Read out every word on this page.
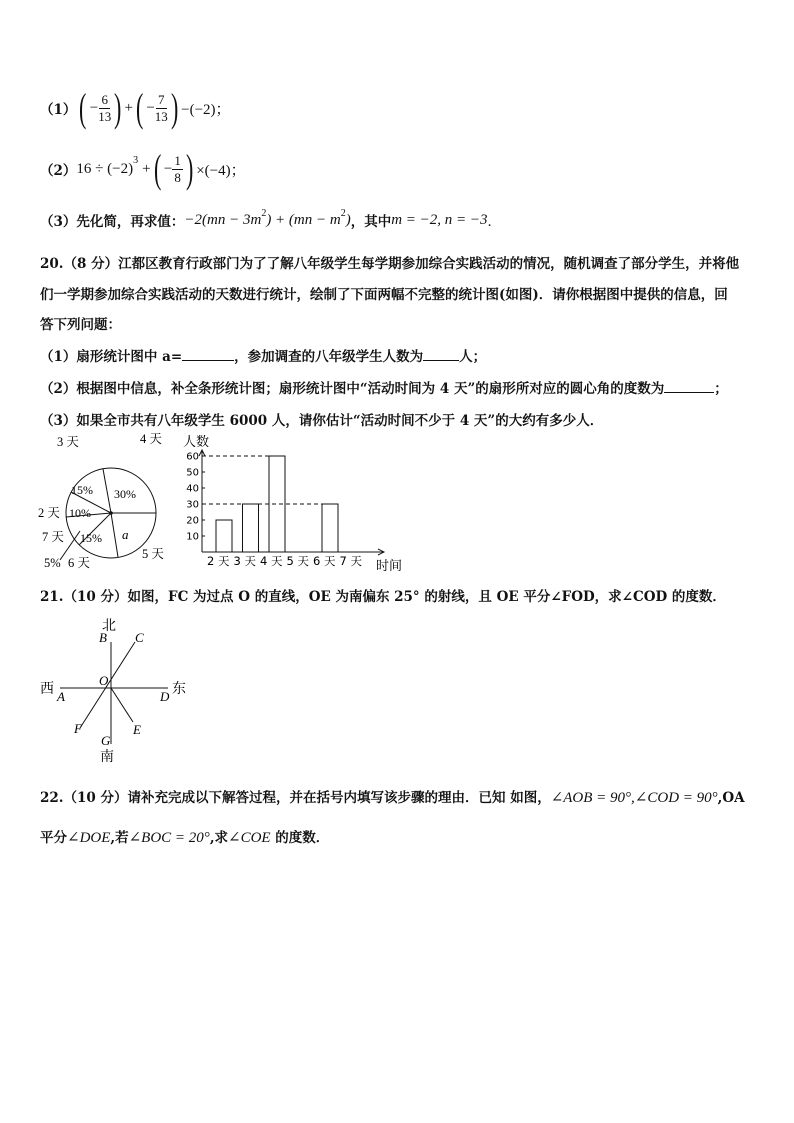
（1） ( − $\frac{6}{13}$ ) + ( − $\frac{7}{13}$ ) −(−2)；
（2） $16 \div (-2)^3$ + ( − $\frac{1}{8}$ ) ×(−4)；
（3）先化简，再求值： $-2(mn - 3m^2$ ) + ($mn - m^2$ ) ，其中 m = −2, n = −3 ．
20.（8 分）江都区教育行政部门为了了解八年级学生每学期参加综合实践活动的情况，随机调查了部分学生，并将他
们一学期参加综合实践活动的天数进行统计，绘制了下面两幅不完整的统计图(如图)．请你根据图中提供的信息，回
答下列问题：
（1）扇形统计图中 a=	，参加调查的八年级学生人数为	人；
（2）根据图中信息，补全条形统计图；扇形统计图中“活动时间为 4 天”的扇形所对应的圆心角的度数为	；
（3）如果全市共有八年级学生 6000 人，请你估计“活动时间不少于 4 天”的大约有多少人．
15% 30%
10%
15% a
3 天	4 天
2 天
7 天
5% 6 天
5 天
人数
时间
10
20
30
40
50
60
2 天 3 天 4 天 5 天 6 天 7 天
21.（10 分）如图，FC 为过点 O 的直线，OE 为南偏东 25° 的射线，且 OE 平分∠FOD，求∠COD 的度数．
北
南
西	东
B C
O
A	D
F	E
G
22.（10 分）请补充完成以下解答过程，并在括号内填写该步骤的理由．已知 如图，∠AOB = 90°,∠COD = 90°,OA
平分∠DOE,若∠BOC = 20°,求∠COE 的度数．
